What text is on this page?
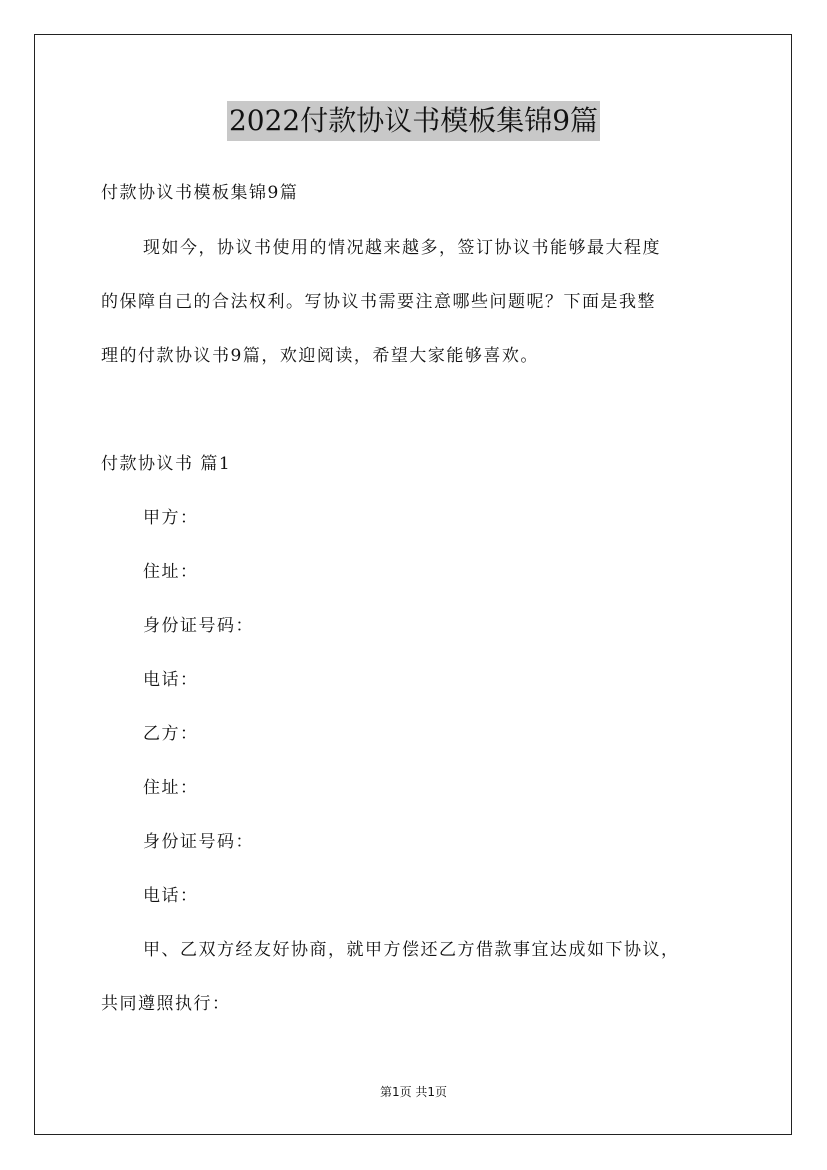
2022付款协议书模板集锦9篇
付款协议书模板集锦9篇
现如今，协议书使用的情况越来越多，签订协议书能够最大程度
的保障自己的合法权利。写协议书需要注意哪些问题呢？下面是我整
理的付款协议书9篇，欢迎阅读，希望大家能够喜欢。
付款协议书 篇1
甲方：
住址：
身份证号码：
电话：
乙方：
住址：
身份证号码：
电话：
甲、乙双方经友好协商，就甲方偿还乙方借款事宜达成如下协议，
共同遵照执行：
第1页 共1页
